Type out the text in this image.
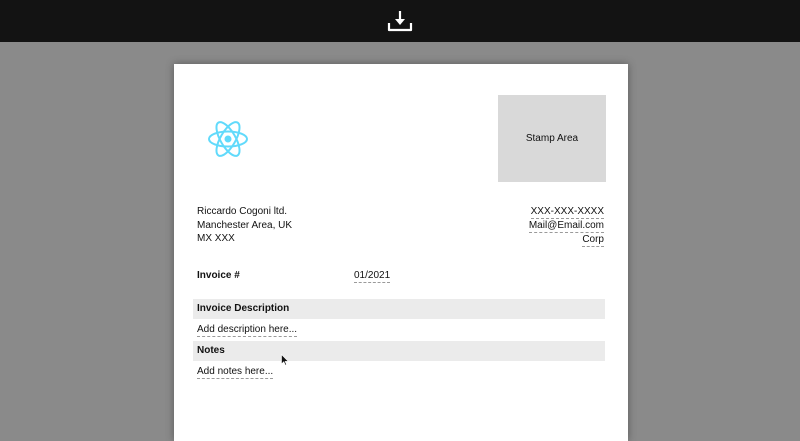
Stamp Area
Riccardo Cogoni ltd.
Manchester Area, UK
MX XXX
XXX-XXX-XXXX
Mail@Email.com
Corp
Invoice #	01/2021
Invoice Description
Add description here...
Notes
Add notes here...
